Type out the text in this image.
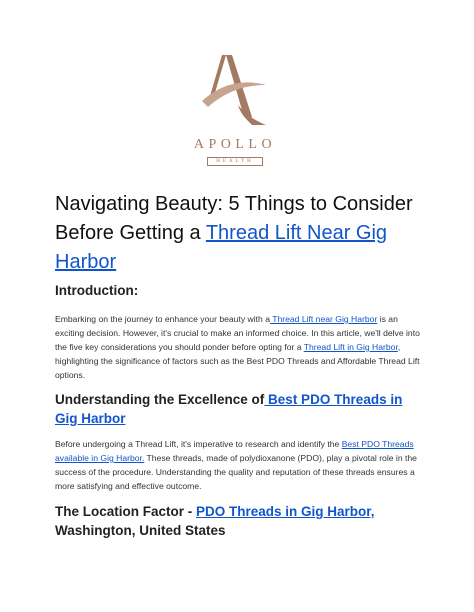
APOLLO
HEALTH
Navigating Beauty: 5 Things to Consider Before Getting a Thread Lift Near Gig Harbor
Introduction:

Embarking on the journey to enhance your beauty with a Thread Lift near Gig Harbor is an exciting decision. However, it's crucial to make an informed choice. In this article, we'll delve into the five key considerations you should ponder before opting for a Thread Lift in Gig Harbor, highlighting the significance of factors such as the Best PDO Threads and Affordable Thread Lift options.

Understanding the Excellence of Best PDO Threads in Gig Harbor

Before undergoing a Thread Lift, it's imperative to research and identify the Best PDO Threads available in Gig Harbor. These threads, made of polydioxanone (PDO), play a pivotal role in the success of the procedure. Understanding the quality and reputation of these threads ensures a more satisfying and effective outcome.

The Location Factor - PDO Threads in Gig Harbor, Washington, United States
